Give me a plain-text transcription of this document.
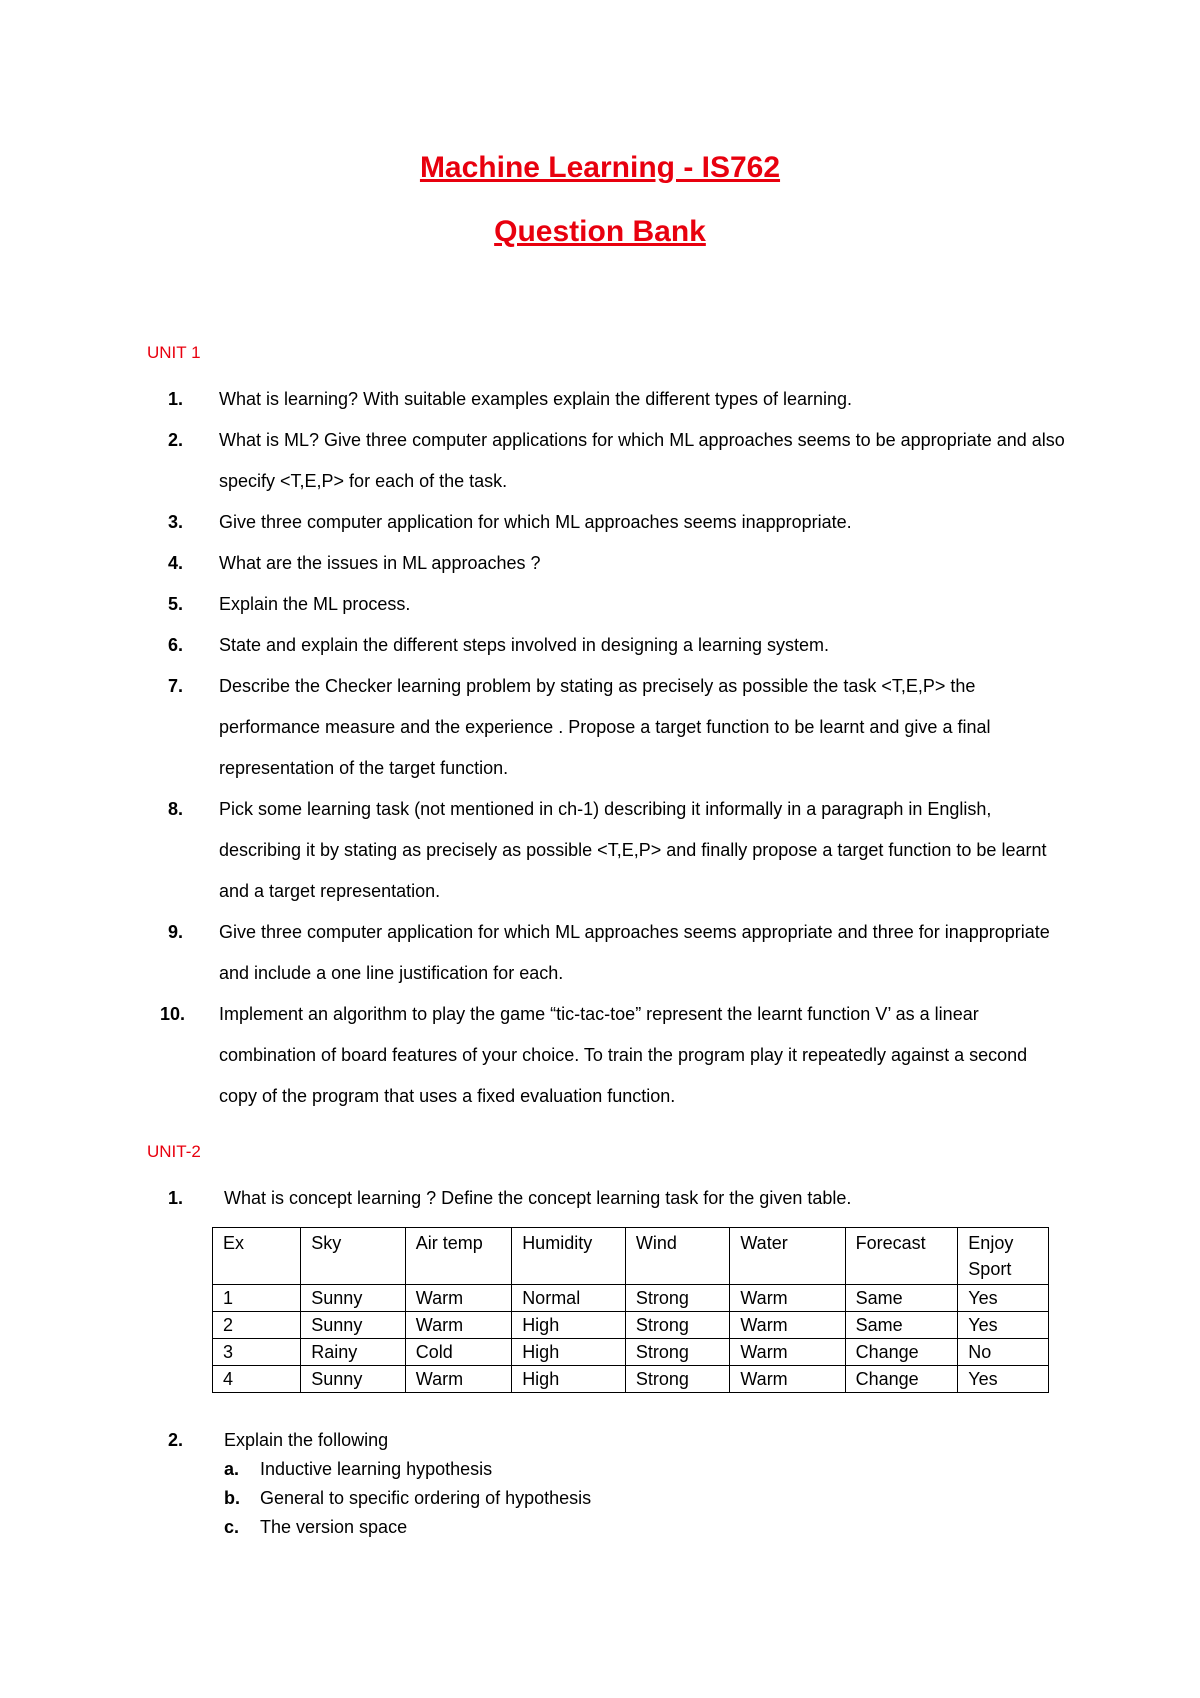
Machine Learning - IS762

Question Bank

UNIT 1
1.	What is learning? With suitable examples explain the different types of learning.
2.	What is ML? Give three computer applications for which ML approaches seems to be appropriate and also specify <T,E,P> for each of the task.
3.	Give three computer application for which ML approaches seems inappropriate.
4.	What are the issues in ML approaches ?
5.	Explain the ML process.
6.	State and explain the different steps involved in designing a learning system.
7.	Describe the Checker learning problem by stating as precisely as possible the task <T,E,P> the performance measure and the experience . Propose a target function to be learnt and give a final representation of the target function.
8.	Pick some learning task (not mentioned in ch-1) describing it informally in a paragraph in English, describing it by stating as precisely as possible <T,E,P> and finally propose a target function to be learnt and a target representation.
9.	Give three computer application for which ML approaches seems appropriate and three for inappropriate and include a one line justification for each.
10.	Implement an algorithm to play the game “tic-tac-toe” represent the learnt function V’ as a linear combination of board features of your choice. To train the program play it repeatedly against a second copy of the program that uses a fixed evaluation function.
UNIT-2
1.	What is concept learning ? Define the concept learning task for the given table.
Ex	Sky	Air temp	Humidity	Wind	Water	Forecast	Enjoy Sport
1	Sunny	Warm	Normal	Strong	Warm	Same	Yes
2	Sunny	Warm	High	Strong	Warm	Same	Yes
3	Rainy	Cold	High	Strong	Warm	Change	No
4	Sunny	Warm	High	Strong	Warm	Change	Yes
2.	Explain the following
a. Inductive learning hypothesis
b. General to specific ordering of hypothesis
c. The version space
